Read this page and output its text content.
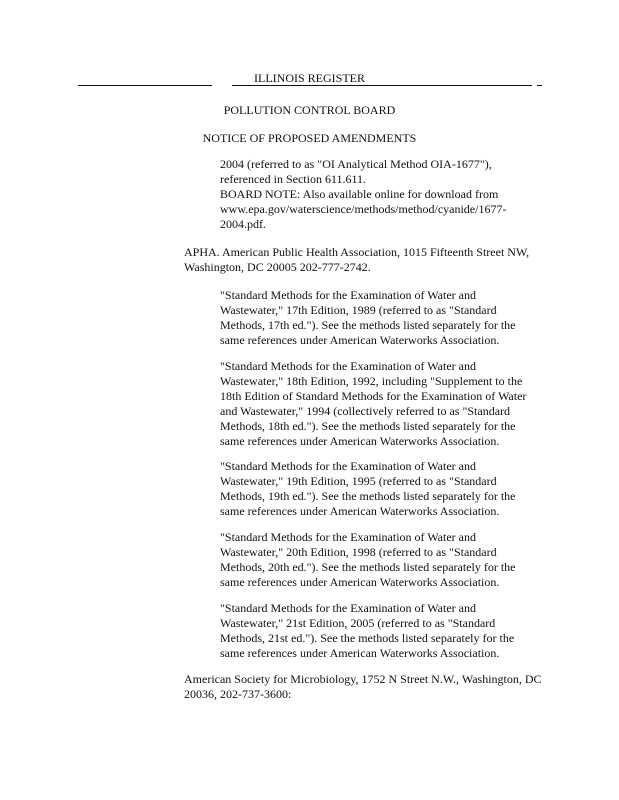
ILLINOIS REGISTER
POLLUTION CONTROL BOARD
NOTICE OF PROPOSED AMENDMENTS
2004 (referred to as "OI Analytical Method OIA-1677"),
referenced in Section 611.611.
BOARD NOTE: Also available online for download from
www.epa.gov/waterscience/methods/method/cyanide/1677-
2004.pdf.
APHA. American Public Health Association, 1015 Fifteenth Street NW,
Washington, DC 20005 202-777-2742.
"Standard Methods for the Examination of Water and
Wastewater," 17th Edition, 1989 (referred to as "Standard
Methods, 17th ed."). See the methods listed separately for the
same references under American Waterworks Association.
"Standard Methods for the Examination of Water and
Wastewater," 18th Edition, 1992, including "Supplement to the
18th Edition of Standard Methods for the Examination of Water
and Wastewater," 1994 (collectively referred to as "Standard
Methods, 18th ed."). See the methods listed separately for the
same references under American Waterworks Association.
"Standard Methods for the Examination of Water and
Wastewater," 19th Edition, 1995 (referred to as "Standard
Methods, 19th ed."). See the methods listed separately for the
same references under American Waterworks Association.
"Standard Methods for the Examination of Water and
Wastewater," 20th Edition, 1998 (referred to as "Standard
Methods, 20th ed."). See the methods listed separately for the
same references under American Waterworks Association.
"Standard Methods for the Examination of Water and
Wastewater," 21st Edition, 2005 (referred to as "Standard
Methods, 21st ed."). See the methods listed separately for the
same references under American Waterworks Association.
American Society for Microbiology, 1752 N Street N.W., Washington, DC
20036, 202-737-3600:
